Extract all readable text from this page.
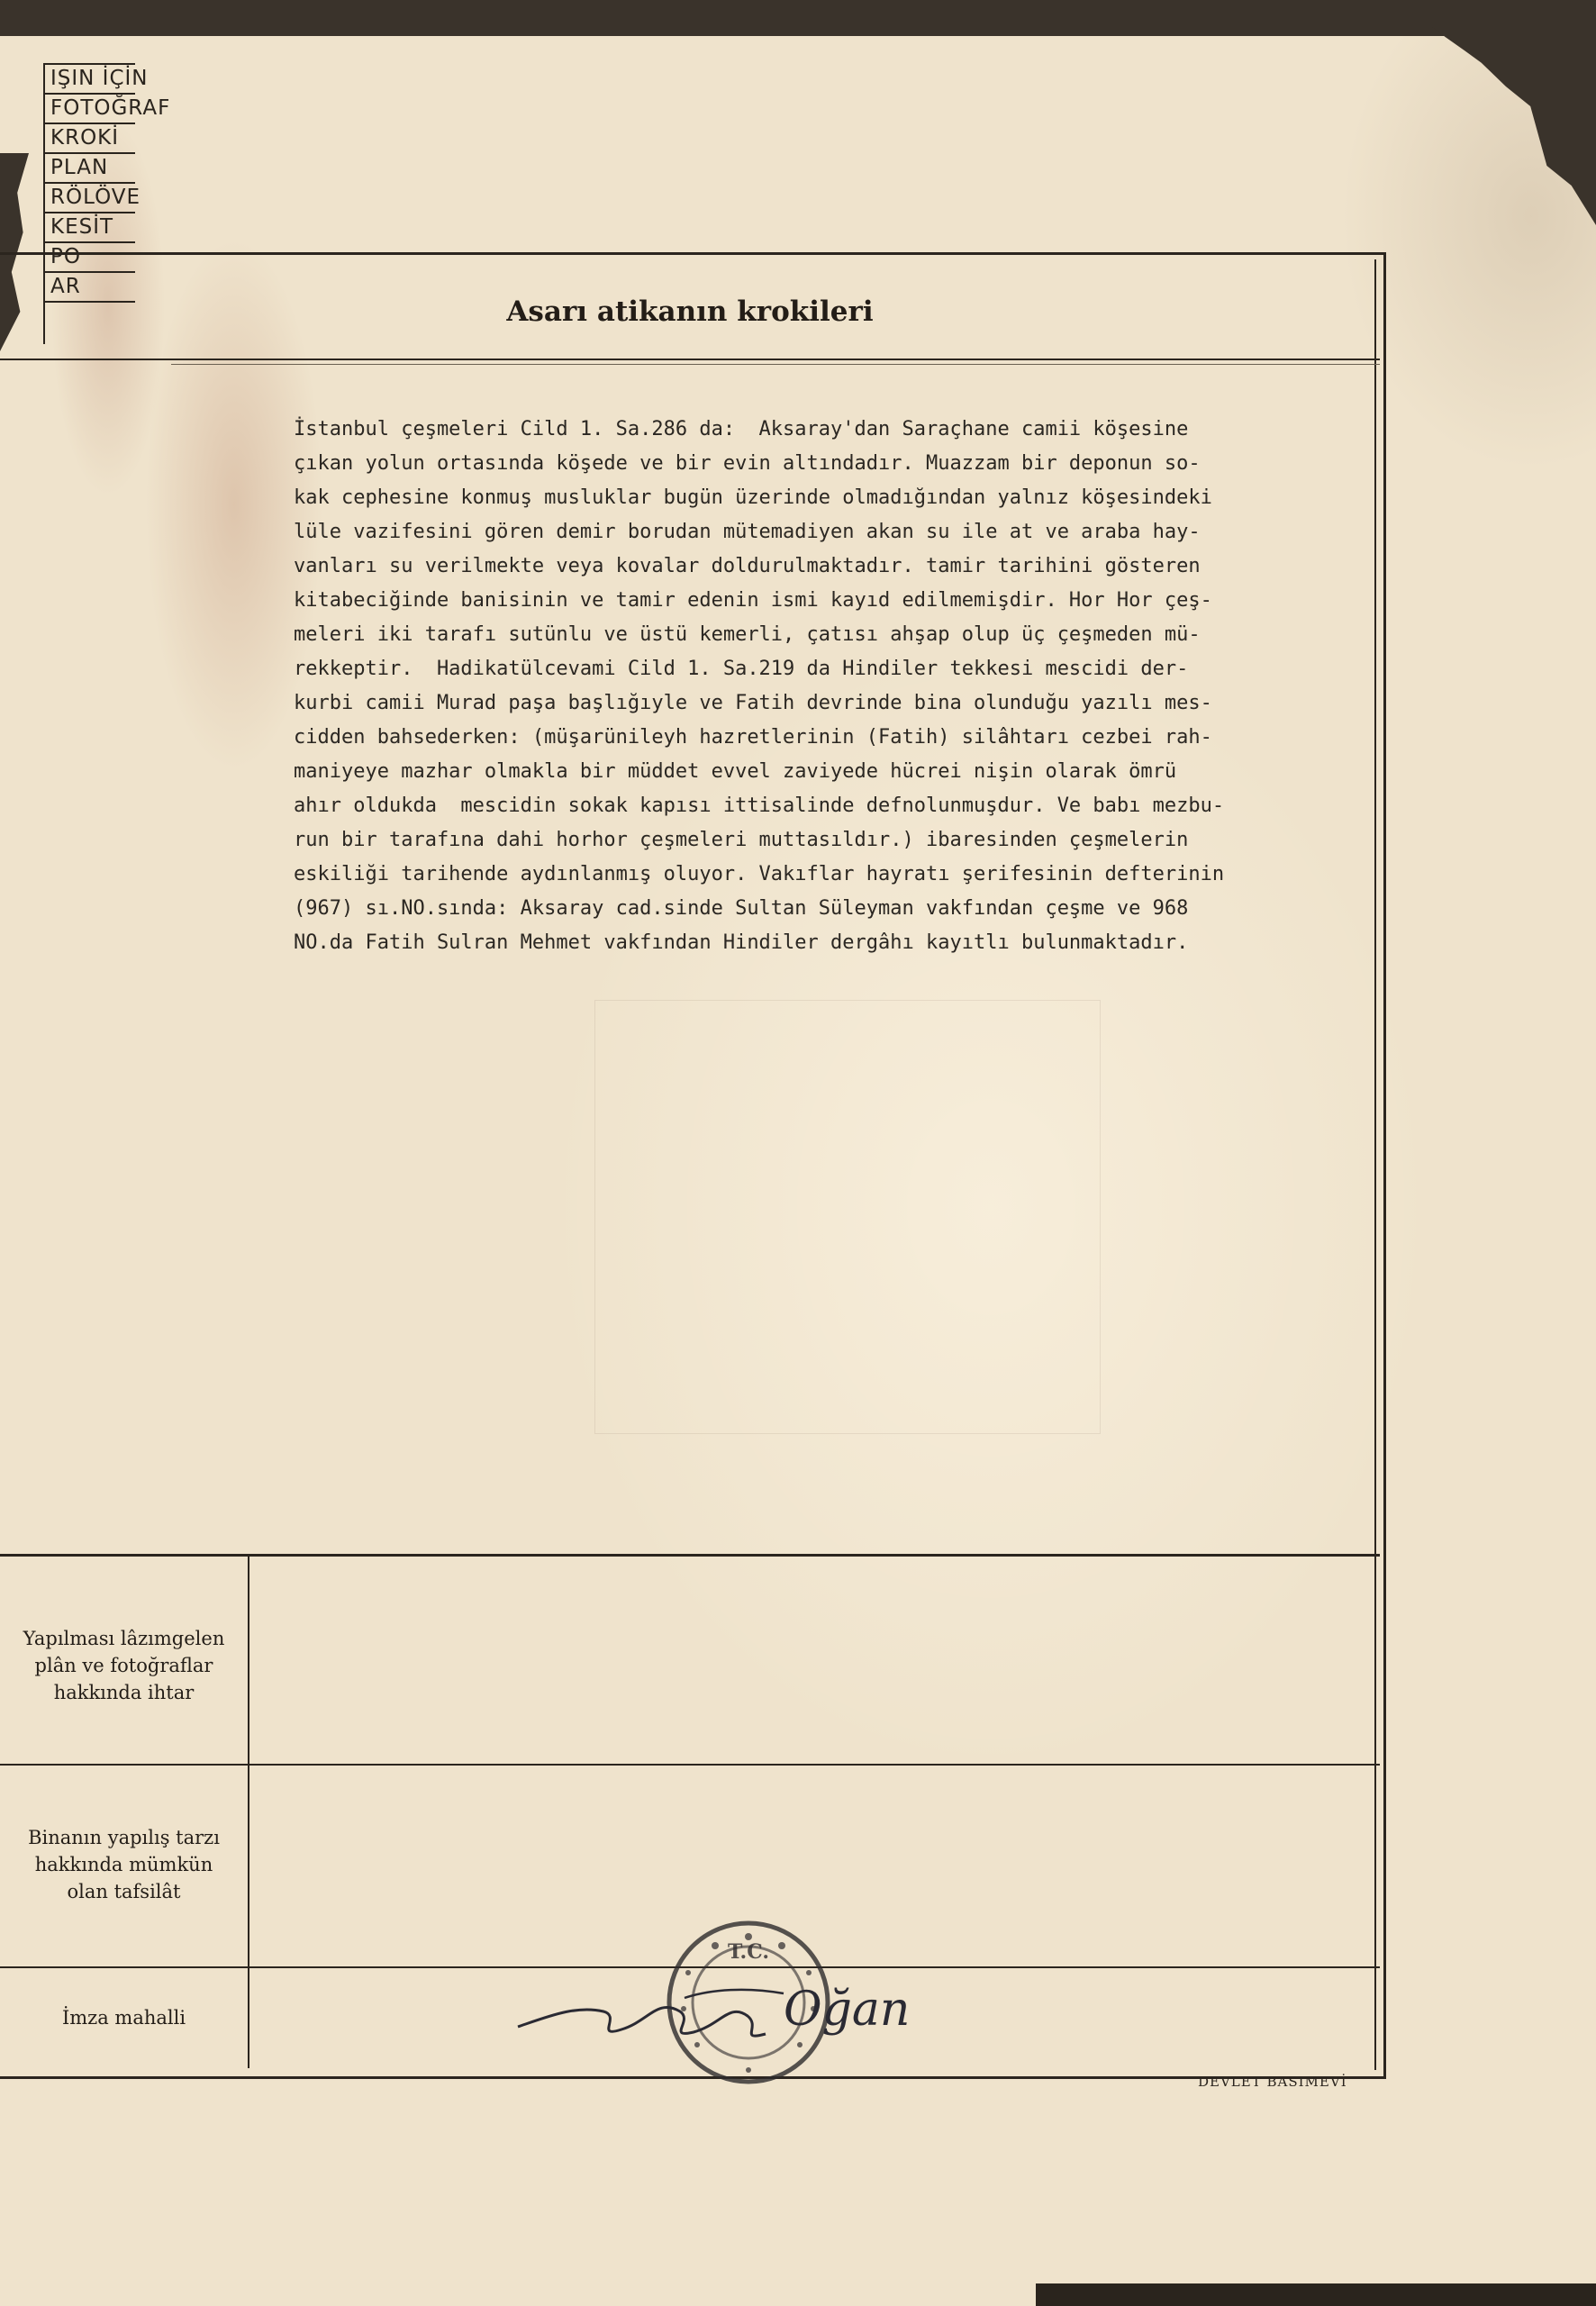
IŞIN İÇİN
FOTOĞRAF
KROKİ
PLAN
RÖLÖVE
KESİT
PO
AR
Asarı atikanın krokileri
İstanbul çeşmeleri Cild 1. Sa.286 da:  Aksaray'dan Saraçhane camii köşesine
çıkan yolun ortasında köşede ve bir evin altındadır. Muazzam bir deponun so-
kak cephesine konmuş musluklar bugün üzerinde olmadığından yalnız köşesindeki
lüle vazifesini gören demir borudan mütemadiyen akan su ile at ve araba hay-
vanları su verilmekte veya kovalar doldurulmaktadır. tamir tarihini gösteren
kitabeciğinde banisinin ve tamir edenin ismi kayıd edilmemişdir. Hor Hor çeş-
meleri iki tarafı sutünlu ve üstü kemerli, çatısı ahşap olup üç çeşmeden mü-
rekkeptir.  Hadikatülcevami Cild 1. Sa.219 da Hindiler tekkesi mescidi der-
kurbi camii Murad paşa başlığıyle ve Fatih devrinde bina olunduğu yazılı mes-
cidden bahsederken: (müşarünileyh hazretlerinin (Fatih) silâhtarı cezbei rah-
maniyeye mazhar olmakla bir müddet evvel zaviyede hücrei nişin olarak ömrü
ahır oldukda  mescidin sokak kapısı ittisalinde defnolunmuşdur. Ve babı mezbu-
run bir tarafına dahi horhor çeşmeleri muttasıldır.) ibaresinden çeşmelerin
eskiliği tarihende aydınlanmış oluyor. Vakıflar hayratı şerifesinin defterinin
(967) sı.NO.sında: Aksaray cad.sinde Sultan Süleyman vakfından çeşme ve 968
NO.da Fatih Sulran Mehmet vakfından Hindiler dergâhı kayıtlı bulunmaktadır.
Yapılması lâzımgelen
plân ve fotoğraflar
hakkında ihtar
Binanın yapılış tarzı
hakkında mümkün
olan tafsilât
İmza mahalli
T.C.
Oğan
DEVLET BASIMEVİ
